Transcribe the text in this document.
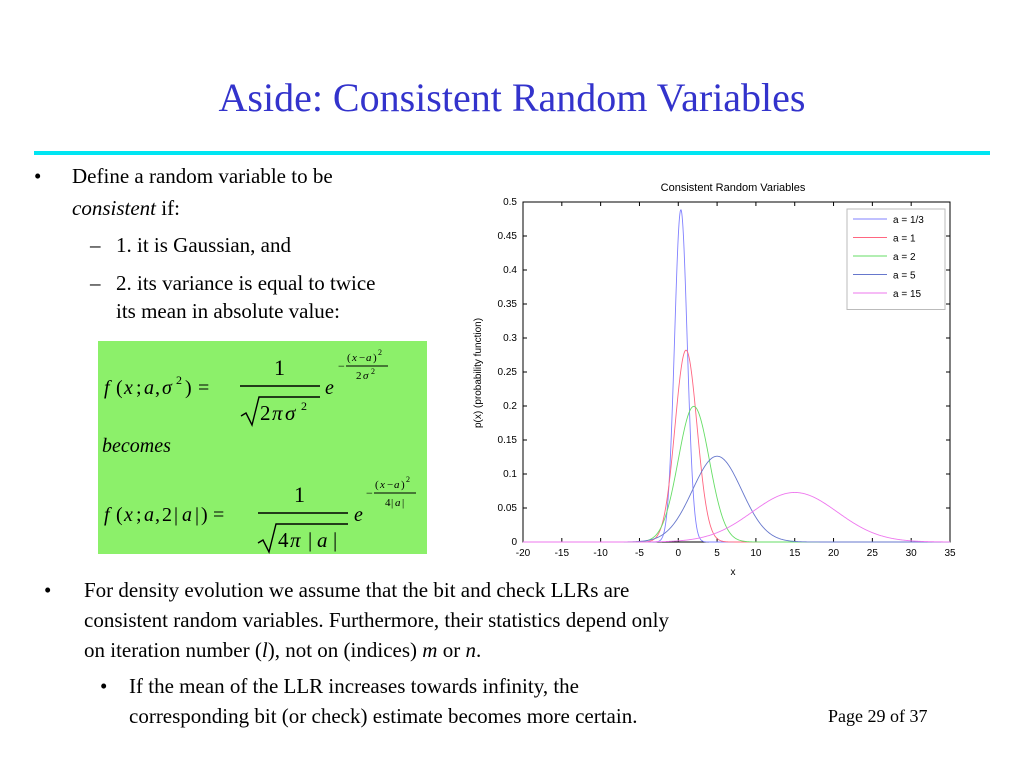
Aside: Consistent Random Variables
• Define a random variable to be
consistent if:
– 1. it is Gaussian, and
– 2. its variance is equal to twice
its mean in absolute value:
f ( x ; a , σ 2 ) =
1
2 π σ 2
e
−
( x − a ) 2
2 σ 2
becomes
f ( x ; a , 2 | a | ) =
1
4 π | a |
e
−
( x − a ) 2
4 | a |
Consistent Random Variables
x
p(x) (probability function)
-20 -15 -10	-5	0	5	10	15	20	25	30	35
0
0.05
0.1
0.15
0.2
0.25
0.3
0.35
0.4
0.45
0.5
a = 1/3
a = 1
a = 2
a = 5
a = 15
• For density evolution we assume that the bit and check LLRs are
consistent random variables. Furthermore, their statistics depend only
on iteration number (l), not on (indices) m or n.
• If the mean of the LLR increases towards infinity, the
corresponding bit (or check) estimate becomes more certain.	Page 29 of 37
